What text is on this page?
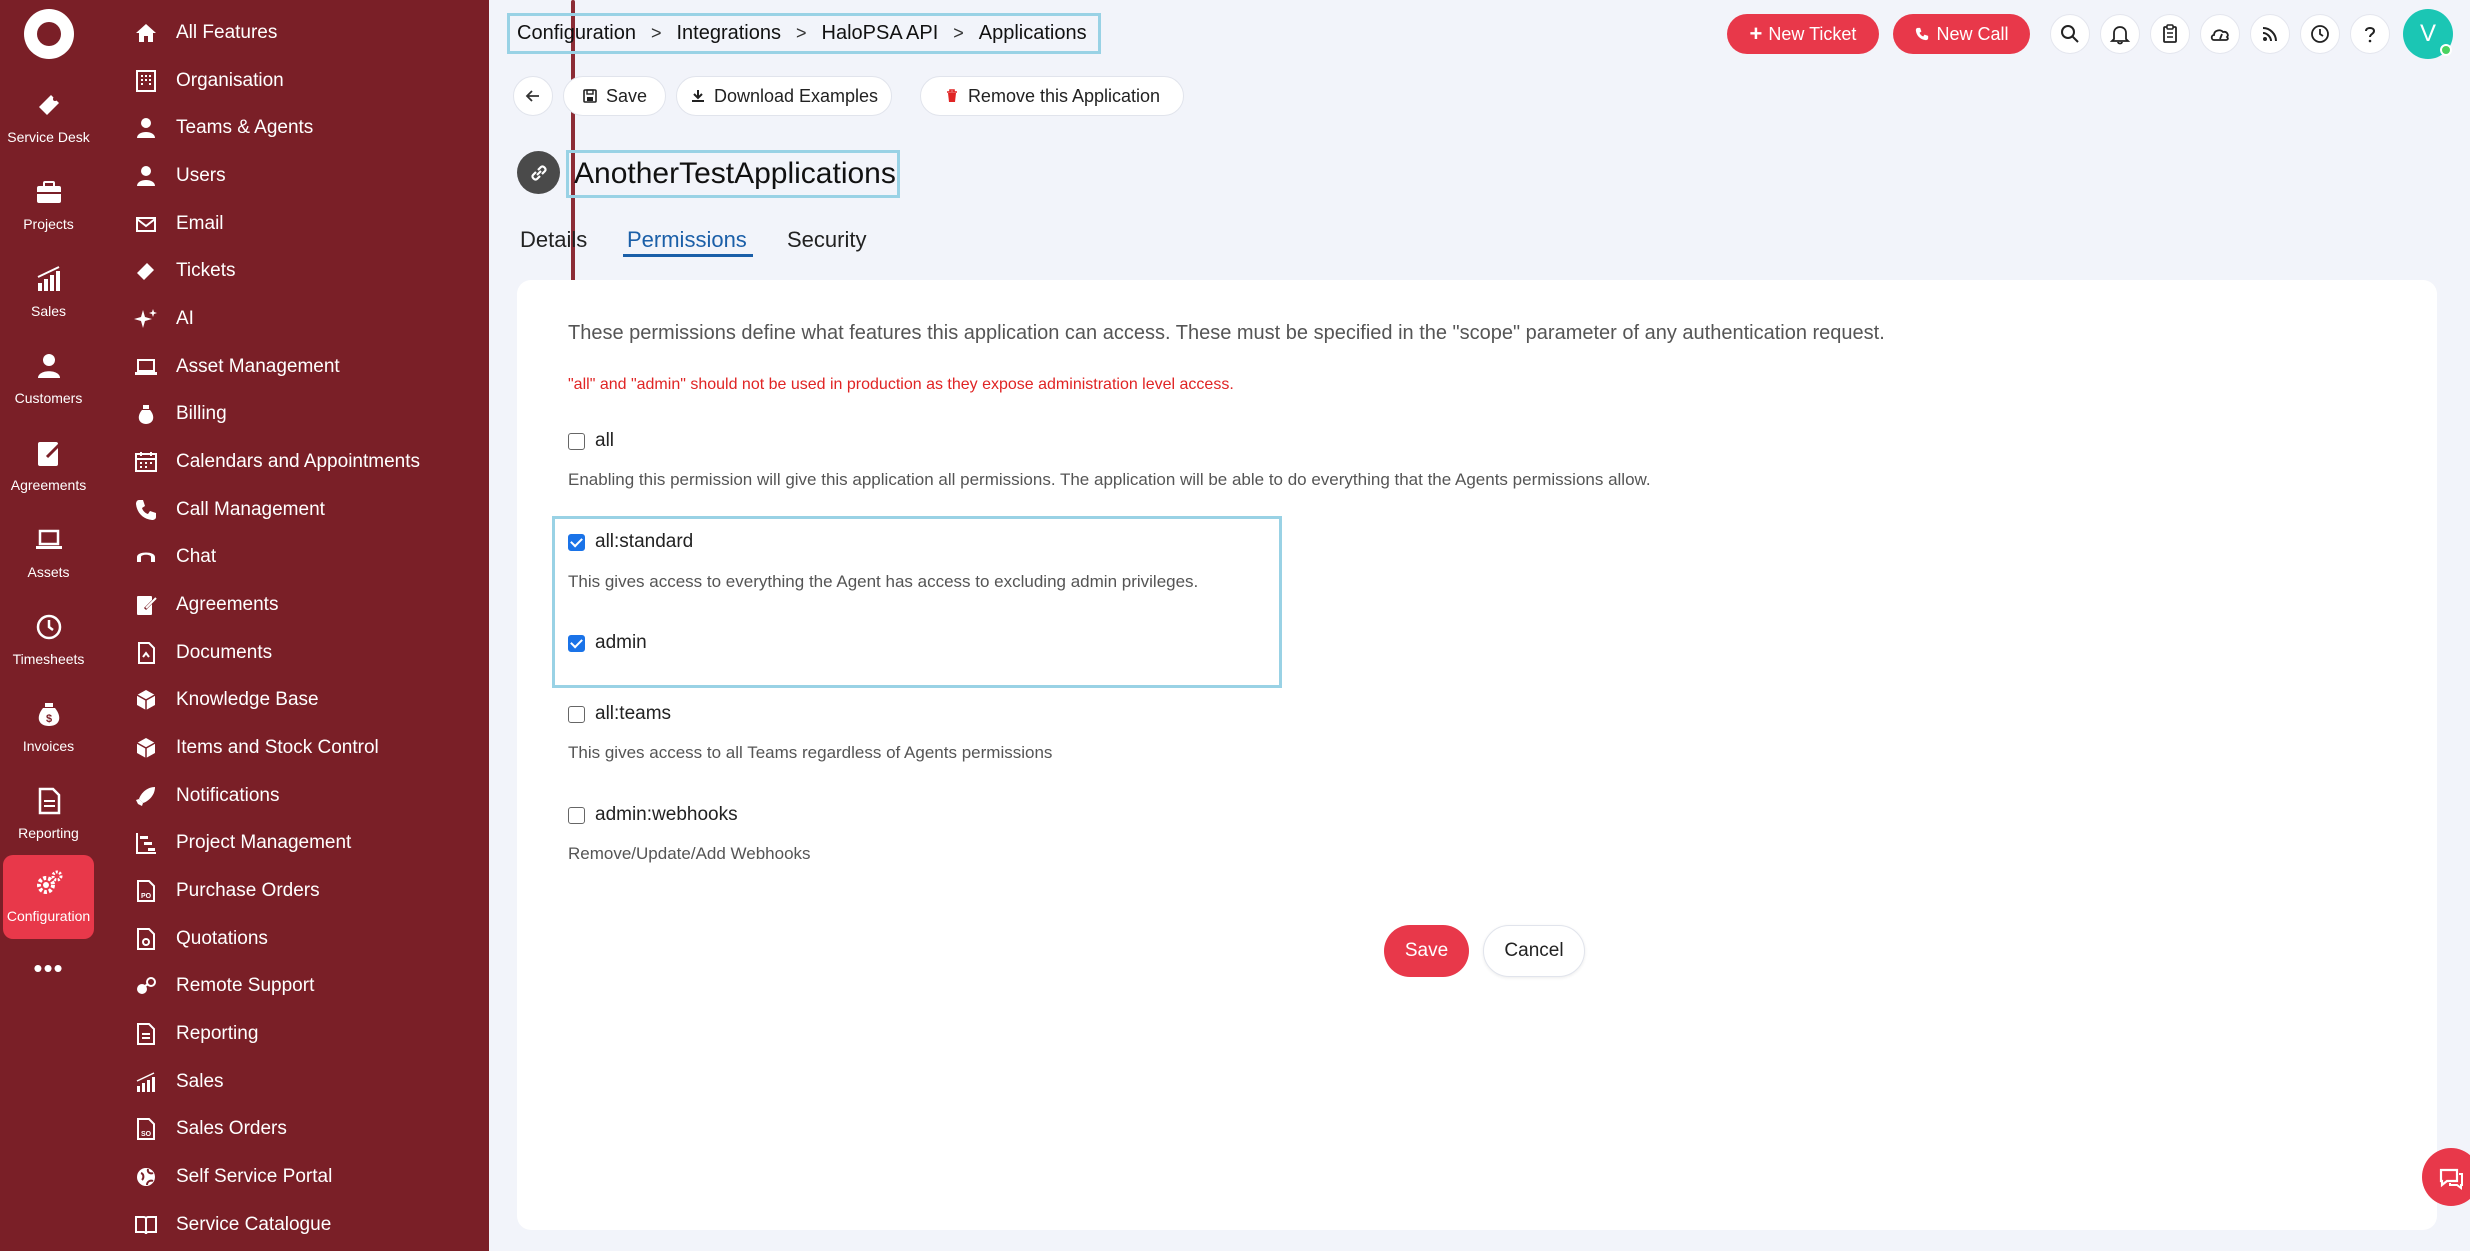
Service Desk
Projects
Sales
Customers
Agreements
Assets
Timesheets
$
Invoices
Reporting
Configuration
•••
All Features
Organisation
Teams & Agents
Users
Email
Tickets
AI
Asset Management
Billing
Calendars and Appointments
Call Management
Chat
Agreements
Documents
Knowledge Base
Items and Stock Control
Notifications
Project Management
PO Purchase Orders
Quotations
Remote Support
Reporting
Sales
SO Sales Orders
Self Service Portal
Service Catalogue
Configuration > Integrations > HaloPSA API > Applications	+ New Ticket	New Call	V
Save	Download Examples	Remove this Application
AnotherTestApplications
Details Permissions Security
These permissions define what features this application can access. These must be specified in the "scope" parameter of any authentication request.
"all" and "admin" should not be used in production as they expose administration level access.
all
Enabling this permission will give this application all permissions. The application will be able to do everything that the Agents permissions allow.
all:standard
This gives access to everything the Agent has access to excluding admin privileges.
admin
all:teams
This gives access to all Teams regardless of Agents permissions
admin:webhooks
Remove/Update/Add Webhooks
Save	Cancel
